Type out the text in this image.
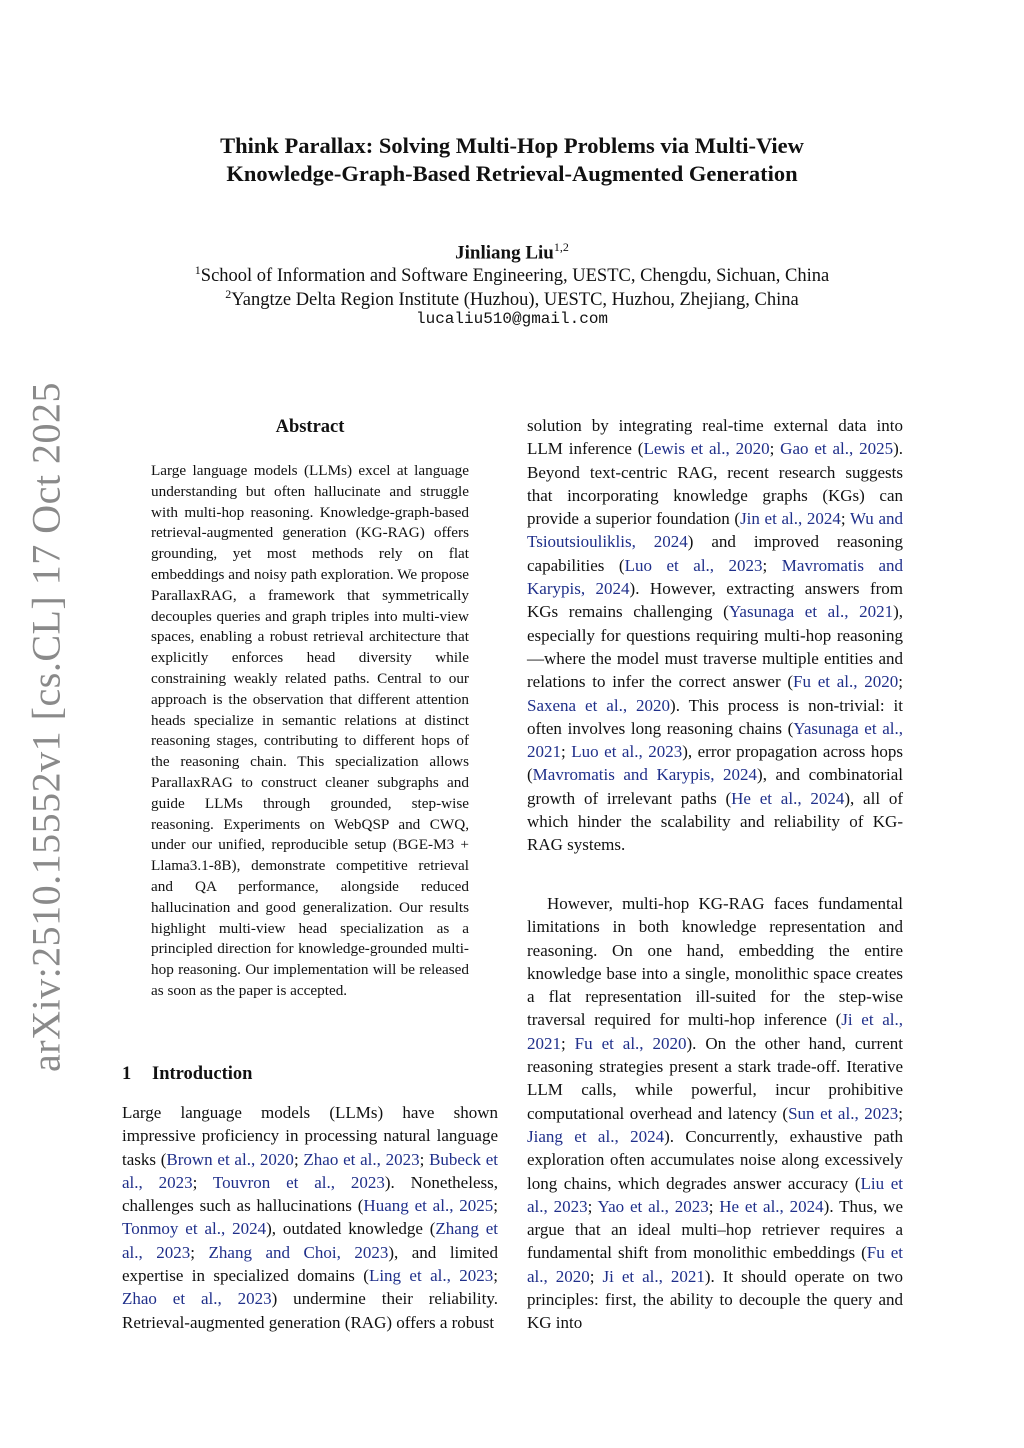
arXiv:2510.15552v1 [cs.CL] 17 Oct 2025
Think Parallax: Solving Multi-Hop Problems via Multi-View
Knowledge-Graph-Based Retrieval-Augmented Generation
Jinliang Liu$^{1,2}$
$^1$School of Information and Software Engineering, UESTC, Chengdu, Sichuan, China
$^2$Yangtze Delta Region Institute (Huzhou), UESTC, Huzhou, Zhejiang, China
lucaliu510@gmail.com
Abstract
Large language models (LLMs) excel at language understanding but often hallucinate and struggle with multi-hop reasoning. Knowledge-graph-based retrieval-augmented generation (KG-RAG) offers grounding, yet most methods rely on flat embeddings and noisy path exploration. We propose ParallaxRAG, a framework that symmetrically decouples queries and graph triples into multi-view spaces, enabling a robust retrieval architecture that explicitly enforces head diversity while constraining weakly related paths. Central to our approach is the observation that different attention heads specialize in semantic relations at distinct reasoning stages, contributing to different hops of the reasoning chain. This specialization allows ParallaxRAG to construct cleaner subgraphs and guide LLMs through grounded, step-wise reasoning. Experiments on WebQSP and CWQ, under our unified, reproducible setup (BGE-M3 + Llama3.1-8B), demonstrate competitive retrieval and QA performance, alongside reduced hallucination and good generalization. Our results highlight multi-view head specialization as a principled direction for knowledge-grounded multi-hop reasoning. Our implementation will be released as soon as the paper is accepted.
1 Introduction
Large language models (LLMs) have shown impressive proficiency in processing natural language tasks (Brown et al., 2020; Zhao et al., 2023; Bubeck et al., 2023; Touvron et al., 2023). Nonetheless, challenges such as hallucinations (Huang et al., 2025; Tonmoy et al., 2024), outdated knowledge (Zhang et al., 2023; Zhang and Choi, 2023), and limited expertise in specialized domains (Ling et al., 2023; Zhao et al., 2023) undermine their reliability. Retrieval-augmented generation (RAG) offers a robust
solution by integrating real-time external data into LLM inference (Lewis et al., 2020; Gao et al., 2025). Beyond text-centric RAG, recent research suggests that incorporating knowledge graphs (KGs) can provide a superior foundation (Jin et al., 2024; Wu and Tsioutsiouliklis, 2024) and improved reasoning capabilities (Luo et al., 2023; Mavromatis and Karypis, 2024). However, extracting answers from KGs remains challenging (Yasunaga et al., 2021), especially for questions requiring multi-hop reasoning—where the model must traverse multiple entities and relations to infer the correct answer (Fu et al., 2020; Saxena et al., 2020). This process is non-trivial: it often involves long reasoning chains (Yasunaga et al., 2021; Luo et al., 2023), error propagation across hops (Mavromatis and Karypis, 2024), and combinatorial growth of irrelevant paths (He et al., 2024), all of which hinder the scalability and reliability of KG-RAG systems.
However, multi-hop KG-RAG faces fundamental limitations in both knowledge representation and reasoning. On one hand, embedding the entire knowledge base into a single, monolithic space creates a flat representation ill-suited for the step-wise traversal required for multi-hop inference (Ji et al., 2021; Fu et al., 2020). On the other hand, current reasoning strategies present a stark trade-off. Iterative LLM calls, while powerful, incur prohibitive computational overhead and latency (Sun et al., 2023; Jiang et al., 2024). Concurrently, exhaustive path exploration often accumulates noise along excessively long chains, which degrades answer accuracy (Liu et al., 2023; Yao et al., 2023; He et al., 2024). Thus, we argue that an ideal multi–hop retriever requires a fundamental shift from monolithic embeddings (Fu et al., 2020; Ji et al., 2021). It should operate on two principles: first, the ability to decouple the query and KG into
